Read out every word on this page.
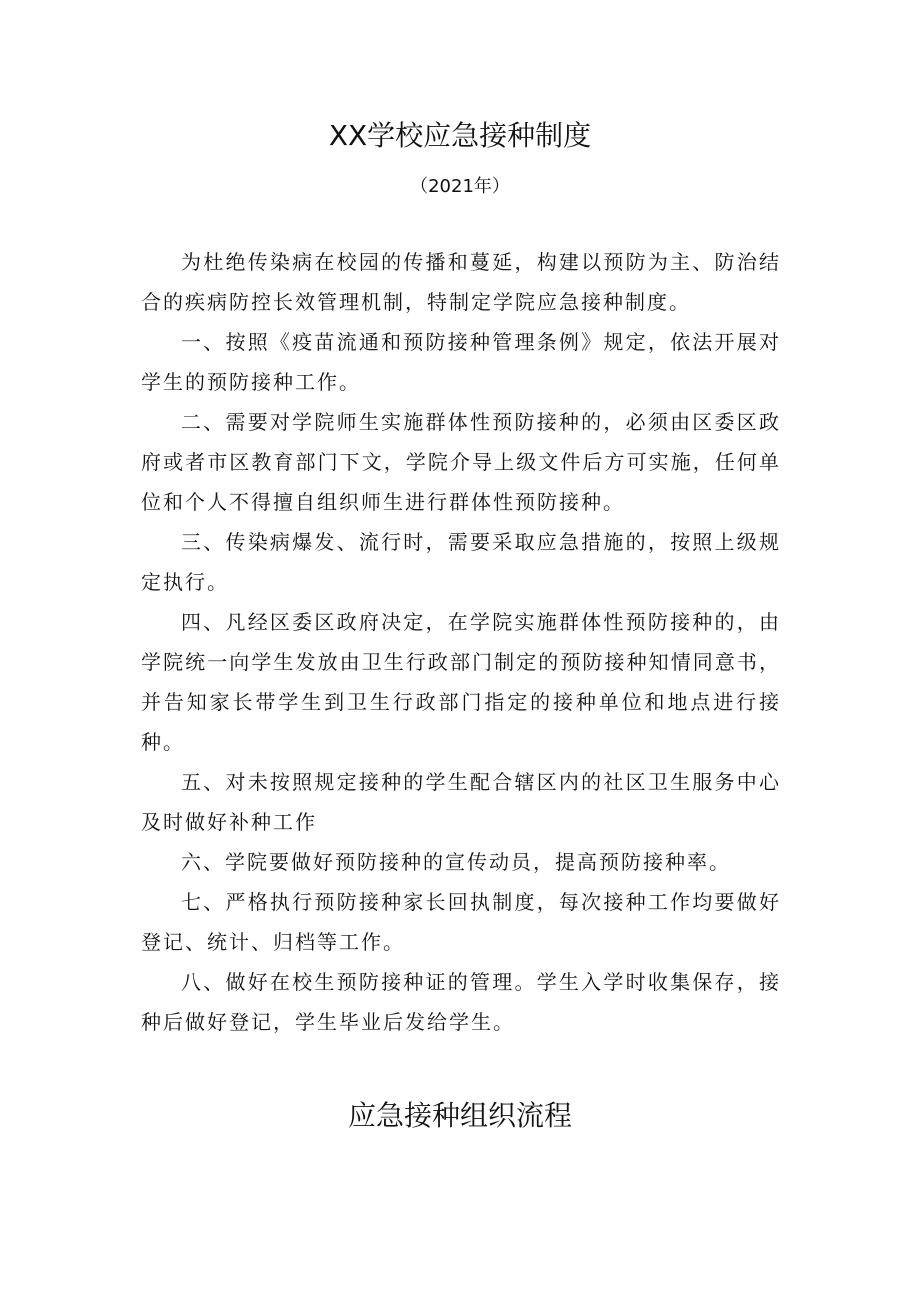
XX学校应急接种制度
（2021年）

为杜绝传染病在校园的传播和蔓延，构建以预防为主、防治结合的疾病防控长效管理机制，特制定学院应急接种制度。

一、按照《疫苗流通和预防接种管理条例》规定，依法开展对学生的预防接种工作。

二、需要对学院师生实施群体性预防接种的，必须由区委区政府或者市区教育部门下文，学院介导上级文件后方可实施，任何单位和个人不得擅自组织师生进行群体性预防接种。

三、传染病爆发、流行时，需要采取应急措施的，按照上级规定执行。

四、凡经区委区政府决定，在学院实施群体性预防接种的，由学院统一向学生发放由卫生行政部门制定的预防接种知情同意书，并告知家长带学生到卫生行政部门指定的接种单位和地点进行接种。

五、对未按照规定接种的学生配合辖区内的社区卫生服务中心及时做好补种工作

六、学院要做好预防接种的宣传动员，提高预防接种率。

七、严格执行预防接种家长回执制度，每次接种工作均要做好登记、统计、归档等工作。

八、做好在校生预防接种证的管理。学生入学时收集保存，接种后做好登记，学生毕业后发给学生。

应急接种组织流程
